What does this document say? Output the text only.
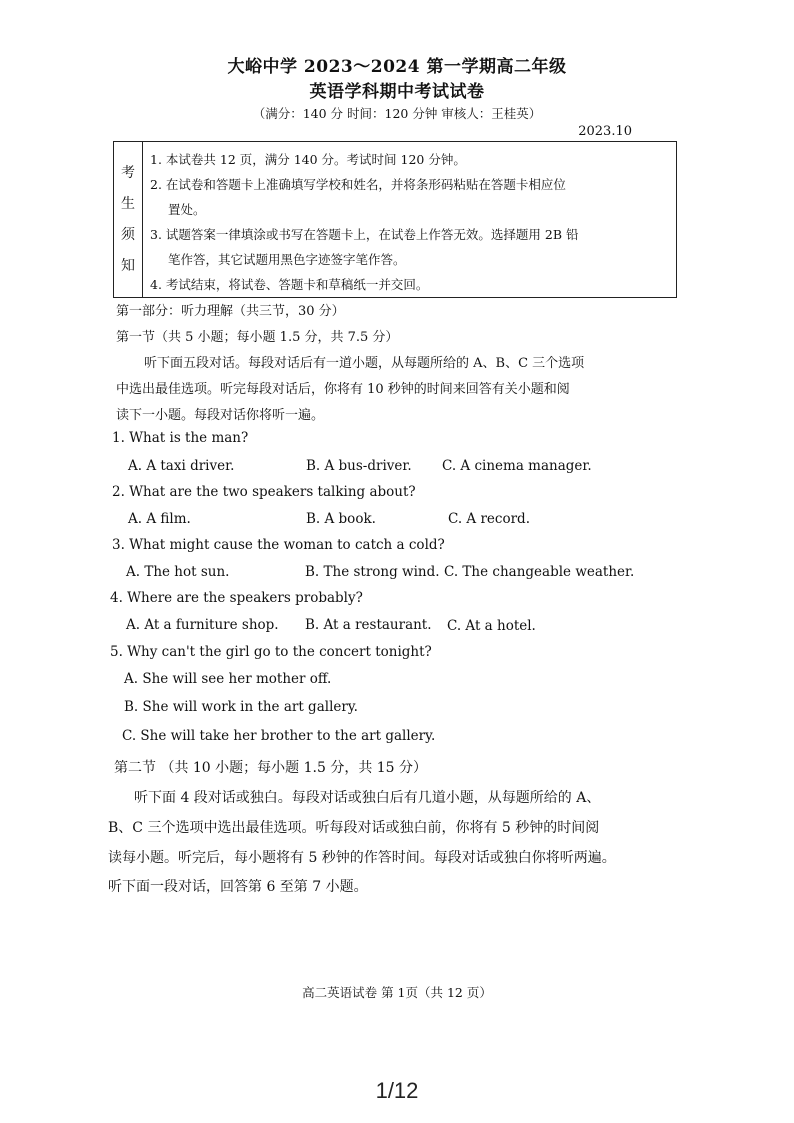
大峪中学 2023～2024 第一学期高二年级
英语学科期中考试试卷
（满分：140 分 时间：120 分钟 审核人：王桂英）
2023.10
考
生
须
知
1. 本试卷共 12 页，满分 140 分。考试时间 120 分钟。
2. 在试卷和答题卡上准确填写学校和姓名，并将条形码粘贴在答题卡相应位
置处。
3. 试题答案一律填涂或书写在答题卡上，在试卷上作答无效。选择题用 2B 铅
笔作答，其它试题用黑色字迹签字笔作答。
4. 考试结束，将试卷、答题卡和草稿纸一并交回。
第一部分：听力理解（共三节，30 分）
第一节（共 5 小题；每小题 1.5 分，共 7.5 分）
听下面五段对话。每段对话后有一道小题，从每题所给的 A、B、C 三个选项
中选出最佳选项。听完每段对话后，你将有 10 秒钟的时间来回答有关小题和阅
读下一小题。每段对话你将听一遍。
1. What is the man?
A. A taxi driver.	B. A bus-driver. C. A cinema manager.
2. What are the two speakers talking about?
A. A film.	B. A book.	C. A record.
3. What might cause the woman to catch a cold?
A. The hot sun.	B. The strong wind. C. The changeable weather.
4. Where are the speakers probably?
A. At a furniture shop. B. At a restaurant. C. At a hotel.
5. Why can't the girl go to the concert tonight?
A. She will see her mother off.
B. She will work in the art gallery.
C. She will take her brother to the art gallery.
第二节 （共 10 小题；每小题 1.5 分，共 15 分）
听下面 4 段对话或独白。每段对话或独白后有几道小题，从每题所给的 A、
B、C 三个选项中选出最佳选项。听每段对话或独白前，你将有 5 秒钟的时间阅
读每小题。听完后，每小题将有 5 秒钟的作答时间。每段对话或独白你将听两遍。
听下面一段对话，回答第 6 至第 7 小题。
高二英语试卷 第 1页（共 12 页）
1/12
